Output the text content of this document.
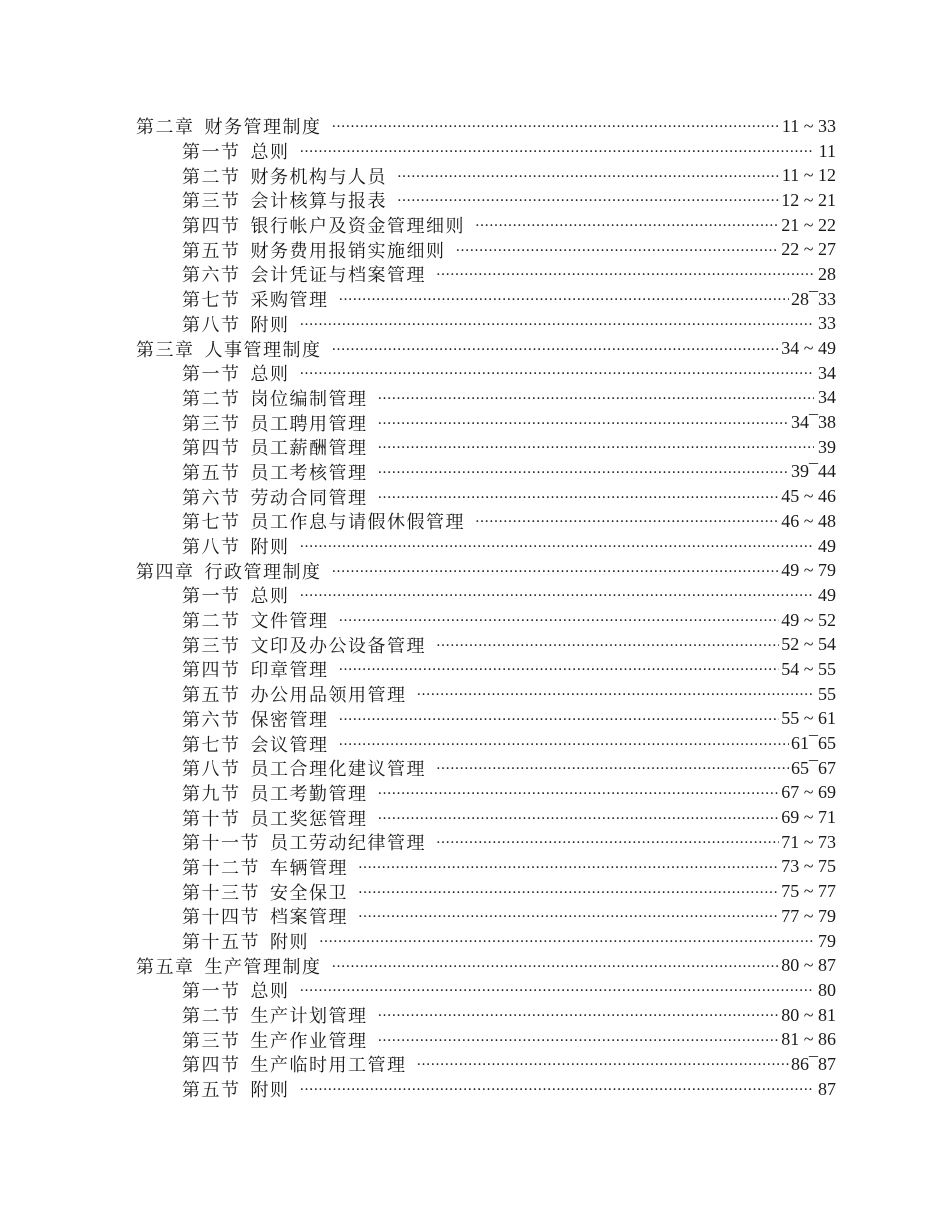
第二章 财务管理制度 ………………………………………………………………………………………………………………………………………………………………………………	11 ~ 33
第一节 总则 ………………………………………………………………………………………………………………………………………………………………………………	11
第二节 财务机构与人员 ………………………………………………………………………………………………………………………………………………………………………………	11 ~ 12
第三节 会计核算与报表 ………………………………………………………………………………………………………………………………………………………………………………	12 ~ 21
第四节 银行帐户及资金管理细则 ………………………………………………………………………………………………………………………………………………………………………………	21 ~ 22
第五节 财务费用报销实施细则 ………………………………………………………………………………………………………………………………………………………………………………	22 ~ 27
第六节 会计凭证与档案管理 ………………………………………………………………………………………………………………………………………………………………………………	28
第七节 采购管理 ………………………………………………………………………………………………………………………………………………………………………………	28¯33
第八节 附则 ………………………………………………………………………………………………………………………………………………………………………………	33
第三章 人事管理制度 ………………………………………………………………………………………………………………………………………………………………………………	34 ~ 49
第一节 总则 ………………………………………………………………………………………………………………………………………………………………………………	34
第二节 岗位编制管理 ………………………………………………………………………………………………………………………………………………………………………………	34
第三节 员工聘用管理 ………………………………………………………………………………………………………………………………………………………………………………	34¯38
第四节 员工薪酬管理 ………………………………………………………………………………………………………………………………………………………………………………	39
第五节 员工考核管理 ………………………………………………………………………………………………………………………………………………………………………………	39¯44
第六节 劳动合同管理 ………………………………………………………………………………………………………………………………………………………………………………	45 ~ 46
第七节 员工作息与请假休假管理 ………………………………………………………………………………………………………………………………………………………………………………	46 ~ 48
第八节 附则 ………………………………………………………………………………………………………………………………………………………………………………	49
第四章 行政管理制度 ………………………………………………………………………………………………………………………………………………………………………………	49 ~ 79
第一节 总则 ………………………………………………………………………………………………………………………………………………………………………………	49
第二节 文件管理 ………………………………………………………………………………………………………………………………………………………………………………	49 ~ 52
第三节 文印及办公设备管理 ………………………………………………………………………………………………………………………………………………………………………………	52 ~ 54
第四节 印章管理 ………………………………………………………………………………………………………………………………………………………………………………	54 ~ 55
第五节 办公用品领用管理 ………………………………………………………………………………………………………………………………………………………………………………	55
第六节 保密管理 ………………………………………………………………………………………………………………………………………………………………………………	55 ~ 61
第七节 会议管理 ………………………………………………………………………………………………………………………………………………………………………………	61¯65
第八节 员工合理化建议管理 ………………………………………………………………………………………………………………………………………………………………………………	65¯67
第九节 员工考勤管理 ………………………………………………………………………………………………………………………………………………………………………………	67 ~ 69
第十节 员工奖惩管理 ………………………………………………………………………………………………………………………………………………………………………………	69 ~ 71
第十一节 员工劳动纪律管理 ………………………………………………………………………………………………………………………………………………………………………………	71 ~ 73
第十二节 车辆管理 ………………………………………………………………………………………………………………………………………………………………………………	73 ~ 75
第十三节 安全保卫 ………………………………………………………………………………………………………………………………………………………………………………	75 ~ 77
第十四节 档案管理 ………………………………………………………………………………………………………………………………………………………………………………	77 ~ 79
第十五节 附则 ………………………………………………………………………………………………………………………………………………………………………………	79
第五章 生产管理制度 ………………………………………………………………………………………………………………………………………………………………………………	80 ~ 87
第一节 总则 ………………………………………………………………………………………………………………………………………………………………………………	80
第二节 生产计划管理 ………………………………………………………………………………………………………………………………………………………………………………	80 ~ 81
第三节 生产作业管理 ………………………………………………………………………………………………………………………………………………………………………………	81 ~ 86
第四节 生产临时用工管理 ………………………………………………………………………………………………………………………………………………………………………………	86¯87
第五节 附则 ………………………………………………………………………………………………………………………………………………………………………………	87
